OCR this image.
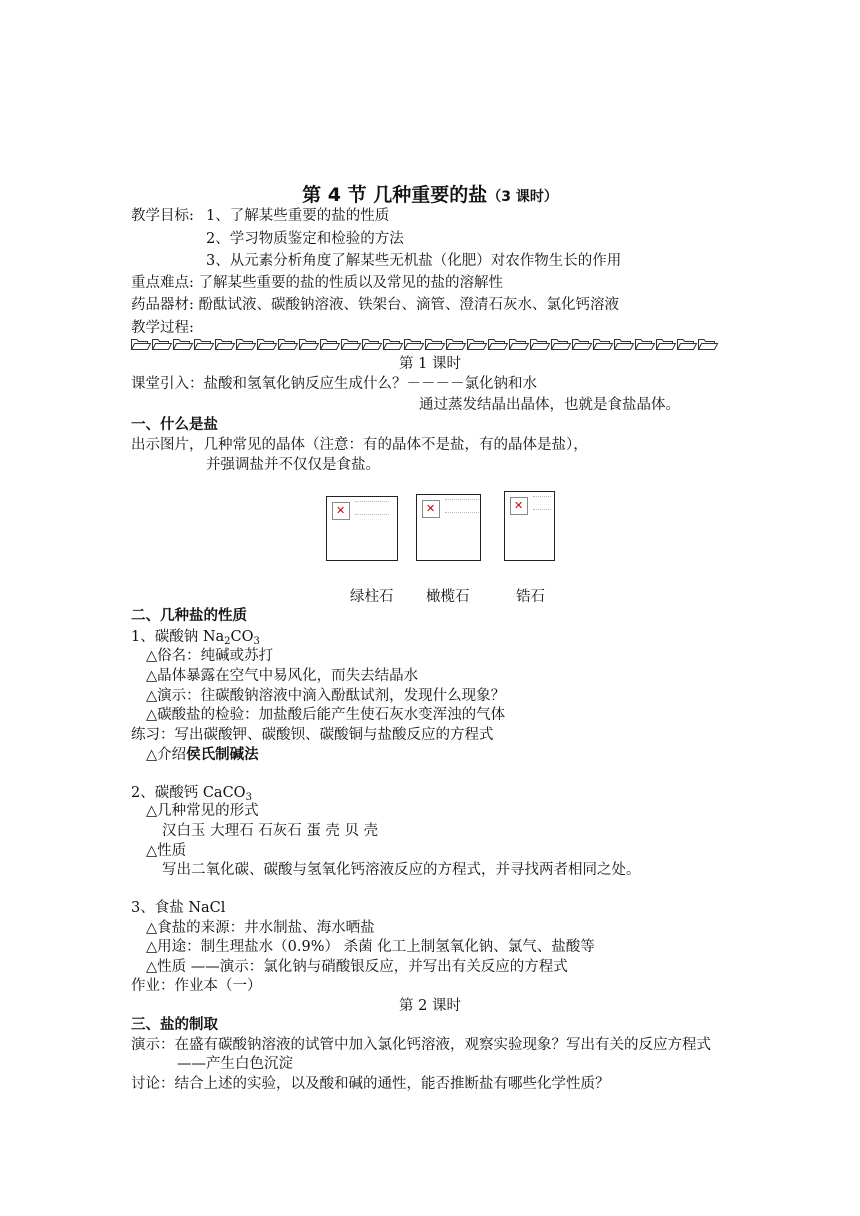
第 4 节 几种重要的盐（3 课时）
教学目标: 1、了解某些重要的盐的性质
2、学习物质鉴定和检验的方法
3、从元素分析角度了解某些无机盐（化肥）对农作物生长的作用
重点难点: 了解某些重要的盐的性质以及常见的盐的溶解性
药品器材: 酚酞试液、碳酸钠溶液、铁架台、滴管、澄清石灰水、氯化钙溶液
教学过程:
第 1 课时
课堂引入：盐酸和氢氧化钠反应生成什么？－－－－氯化钠和水
通过蒸发结晶出晶体，也就是食盐晶体。
一、什么是盐
出示图片，几种常见的晶体（注意：有的晶体不是盐，有的晶体是盐），
并强调盐并不仅仅是食盐。
✕	✕	✕
绿柱石 橄榄石	锆石
二、几种盐的性质
1、碳酸钠 $Na_2CO_3$
△俗名：纯碱或苏打
△晶体暴露在空气中易风化，而失去结晶水
△演示：往碳酸钠溶液中滴入酚酞试剂，发现什么现象？
△碳酸盐的检验：加盐酸后能产生使石灰水变浑浊的气体
练习：写出碳酸钾、碳酸钡、碳酸铜与盐酸反应的方程式
△介绍侯氏制碱法
2、碳酸钙 CaCO$_3$
△几种常见的形式
汉白玉 大理石 石灰石 蛋 壳 贝 壳
△性质
写出二氧化碳、碳酸与氢氧化钙溶液反应的方程式，并寻找两者相同之处。
3、食盐 NaCl
△食盐的来源：井水制盐、海水晒盐
△用途：制生理盐水（0.9%） 杀菌 化工上制氢氧化钠、氯气、盐酸等
△性质 ——演示：氯化钠与硝酸银反应，并写出有关反应的方程式
作业：作业本（一）
第 2 课时
三、盐的制取
演示：在盛有碳酸钠溶液的试管中加入氯化钙溶液，观察实验现象？写出有关的反应方程式
——产生白色沉淀
讨论：结合上述的实验，以及酸和碱的通性，能否推断盐有哪些化学性质？
